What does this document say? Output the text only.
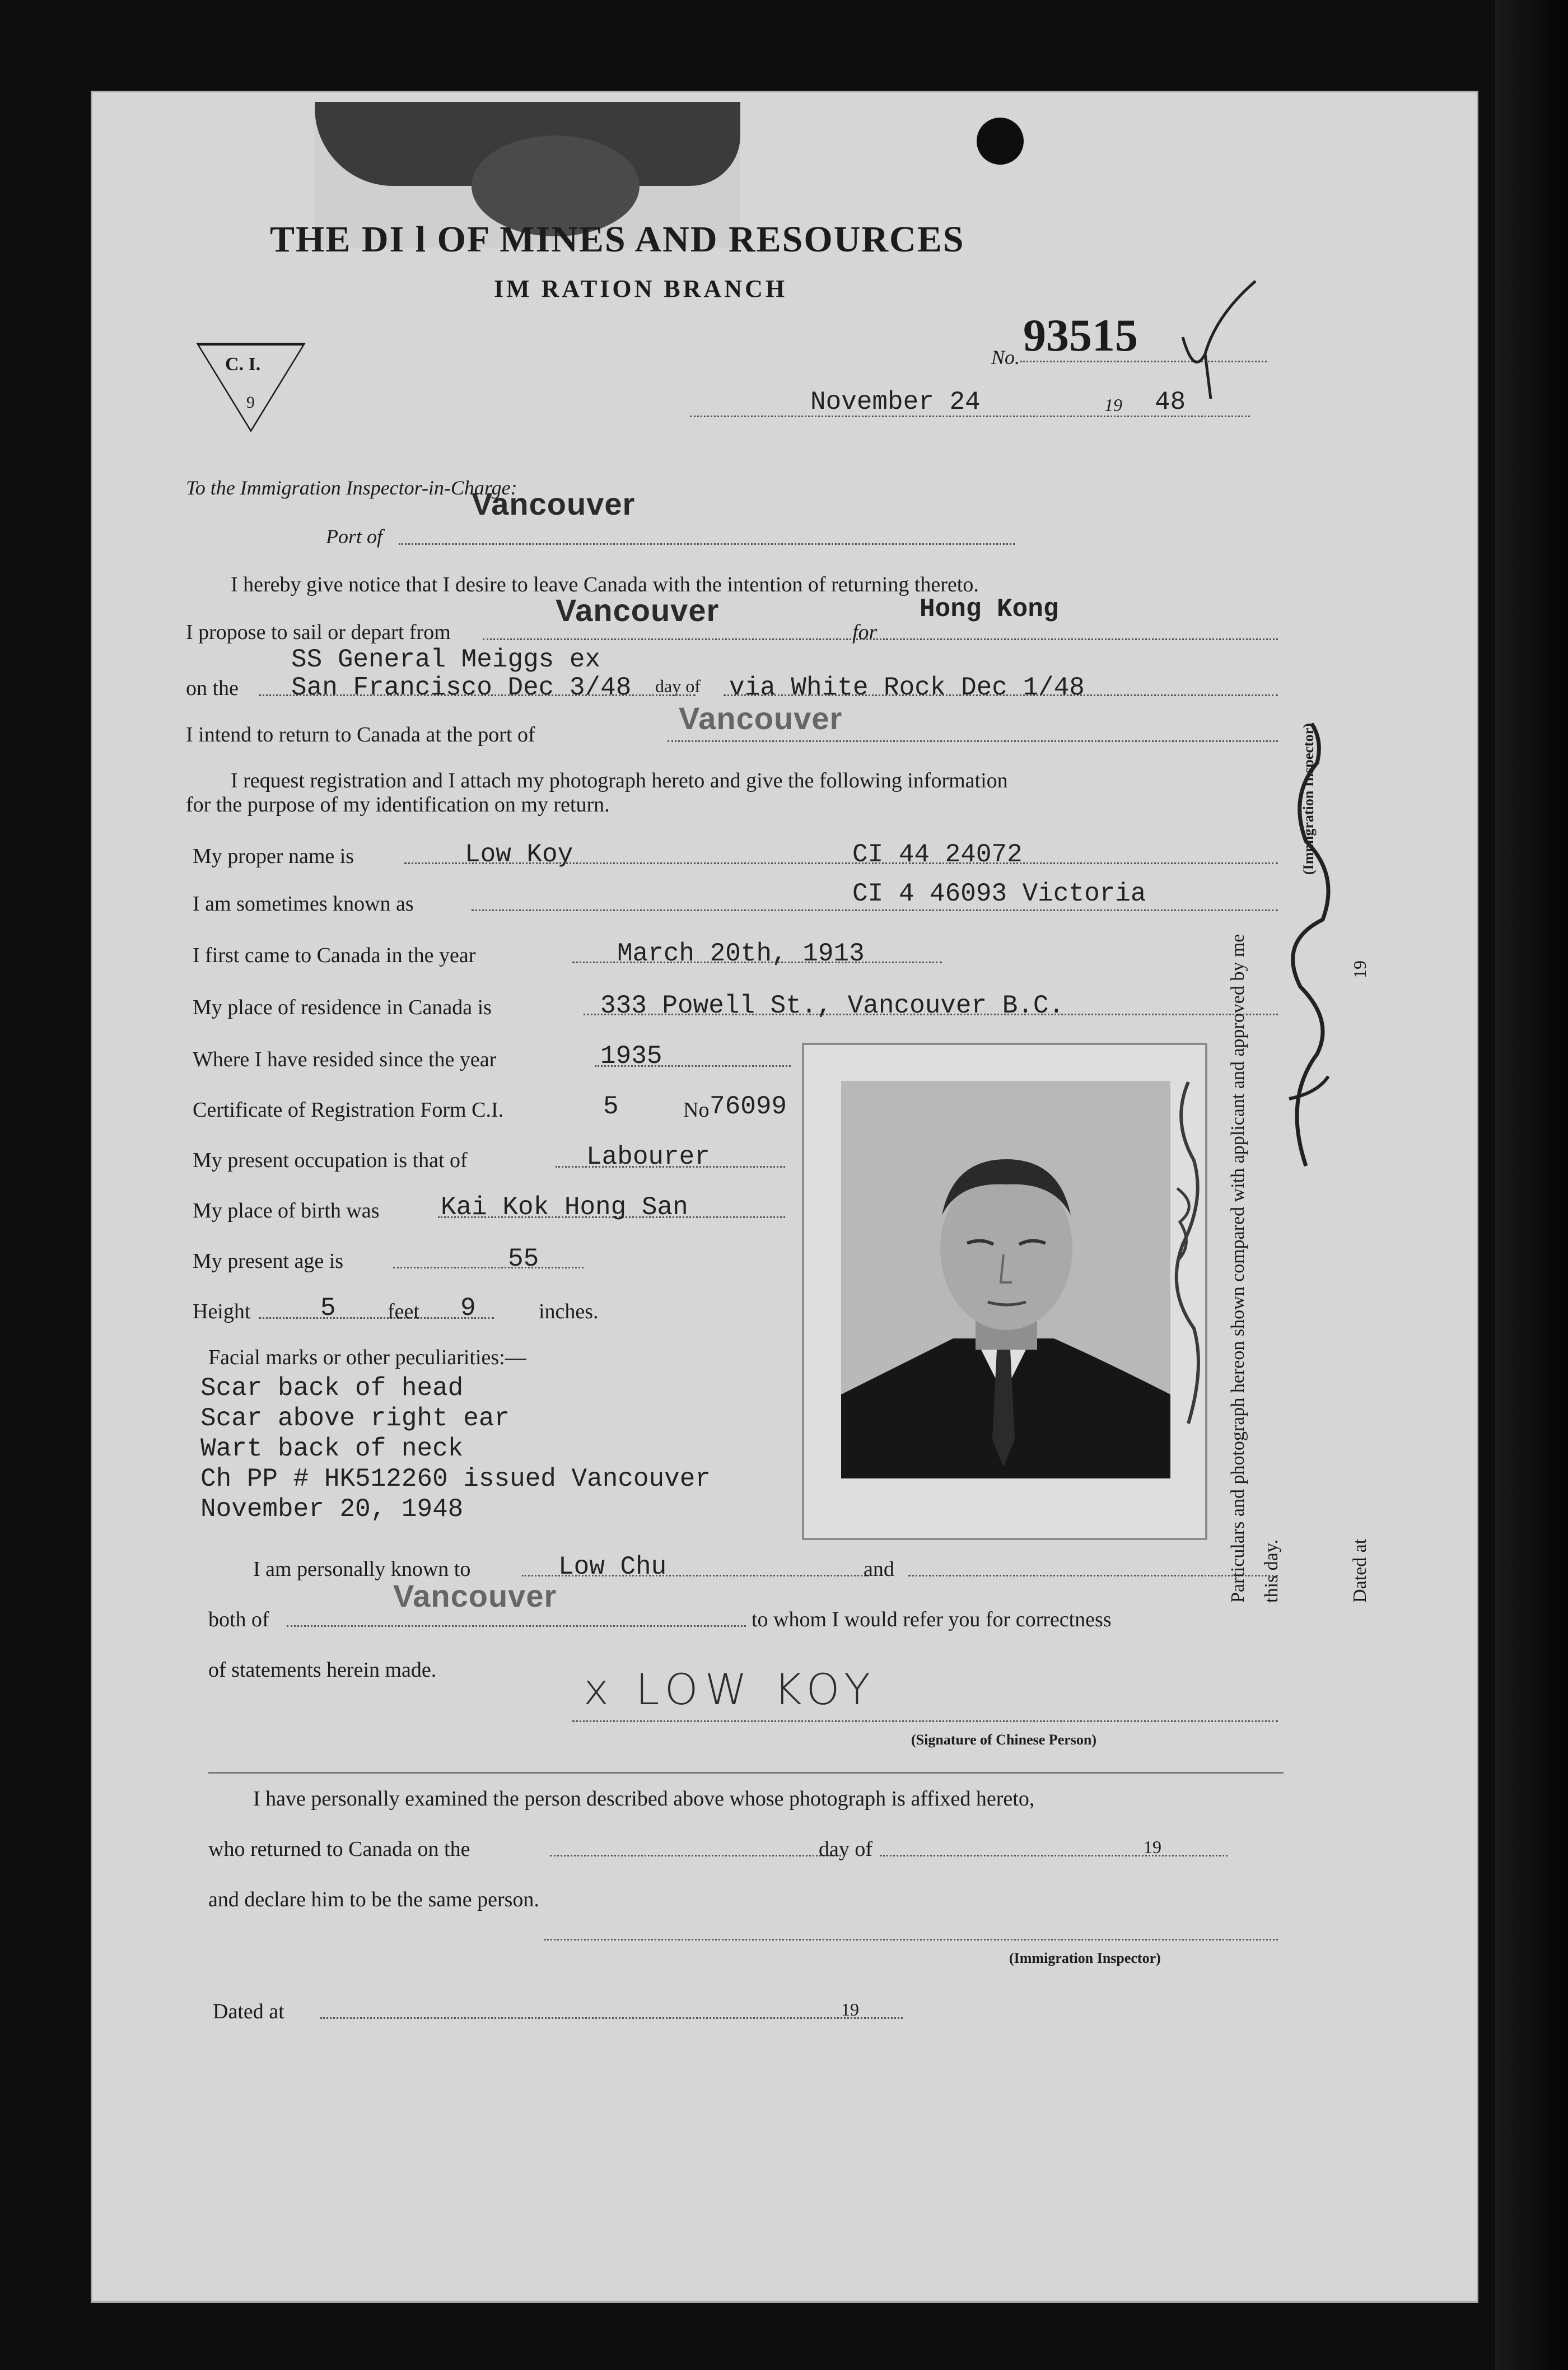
THE DI l OF MINES AND RESOURCES
IM RATION BRANCH
C. I.
9
No. 93515
November 24	19 48
To the Immigration Inspector-in-Charge:
Port of
Vancouver
I hereby give notice that I desire to leave Canada with the intention of returning thereto.
I propose to sail or depart from
Vancouver
for
Hong Kong
SS General Meiggs ex
on the San Francisco Dec 3/48 day of via White Rock Dec 1/48
I intend to return to Canada at the port of	Vancouver
I request registration and I attach my photograph hereto and give the following information
for the purpose of my identification on my return.
My proper name is	Low Koy	CI 44 24072
I am sometimes known as	CI 4 46093 Victoria
I first came to Canada in the year	March 20th, 1913
My place of residence in Canada is	333 Powell St., Vancouver B.C.
Where I have resided since the year	1935
Certificate of Registration Form C.I.	5	No 76099
My present occupation is that of	Labourer
My place of birth was Kai Kok Hong San
My present age is	55
Height	5 feet 9	inches.
Facial marks or other peculiarities:—
Scar back of head
Scar above right ear
Wart back of neck
Ch PP # HK512260 issued Vancouver
November 20, 1948
I am personally known to	Low Chu	and
both of
Vancouver
to whom I would refer you for correctness
of statements herein made.	x LOW KOY
(Signature of Chinese Person)
I have personally examined the person described above whose photograph is affixed hereto,
who returned to Canada on the	day of	19
and declare him to be the same person.
(Immigration Inspector)
Dated at	19
Particulars and photograph hereon shown compared with applicant and approved by me this day.
(Immigration Inspector)
Dated at
19
